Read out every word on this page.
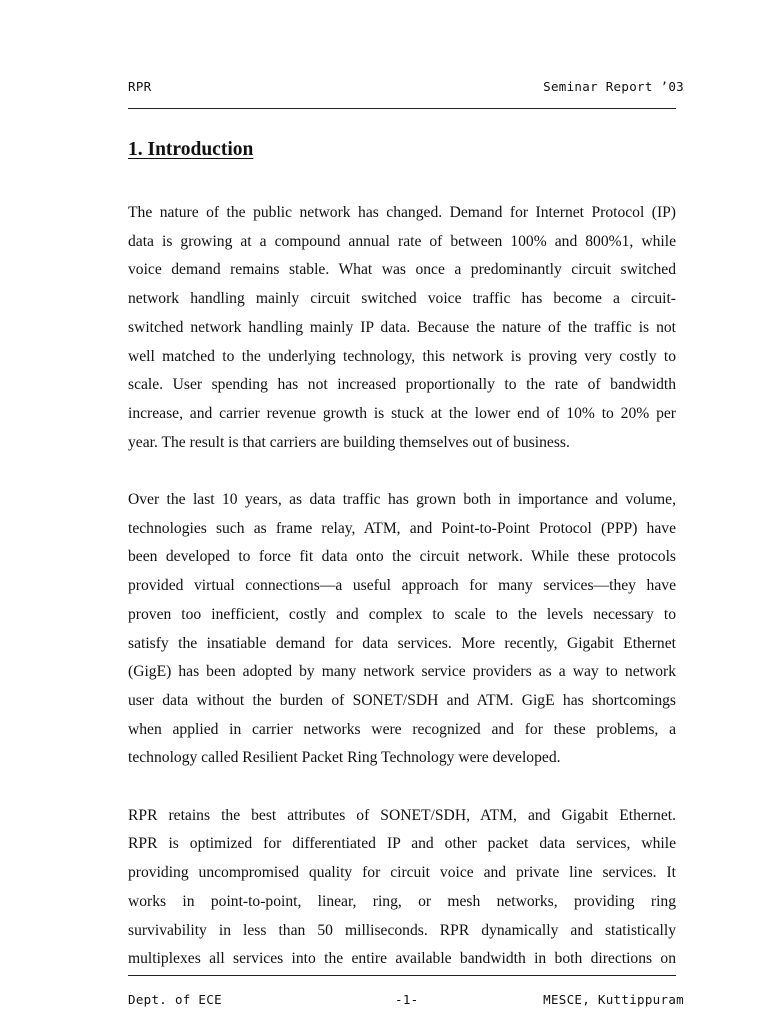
RPR	Seminar Report ’03
1. Introduction

The nature of the public network has changed. Demand for Internet Protocol (IP)
data is growing at a compound annual rate of between 100% and 800%1, while
voice demand remains stable. What was once a predominantly circuit switched
network handling mainly circuit switched voice traffic has become a circuit-
switched network handling mainly IP data. Because the nature of the traffic is not
well matched to the underlying technology, this network is proving very costly to
scale. User spending has not increased proportionally to the rate of bandwidth
increase, and carrier revenue growth is stuck at the lower end of 10% to 20% per
year. The result is that carriers are building themselves out of business.

Over the last 10 years, as data traffic has grown both in importance and volume,
technologies such as frame relay, ATM, and Point-to-Point Protocol (PPP) have
been developed to force fit data onto the circuit network. While these protocols
provided virtual connections—a useful approach for many services—they have
proven too inefficient, costly and complex to scale to the levels necessary to
satisfy the insatiable demand for data services. More recently, Gigabit Ethernet
(GigE) has been adopted by many network service providers as a way to network
user data without the burden of SONET/SDH and ATM. GigE has shortcomings
when applied in carrier networks were recognized and for these problems, a
technology called Resilient Packet Ring Technology were developed.

RPR retains the best attributes of SONET/SDH, ATM, and Gigabit Ethernet.
RPR is optimized for differentiated IP and other packet data services, while
providing uncompromised quality for circuit voice and private line services. It
works in point-to-point, linear, ring, or mesh networks, providing ring
survivability in less than 50 milliseconds. RPR dynamically and statistically
multiplexes all services into the entire available bandwidth in both directions on

Dept. of ECE	-1-	MESCE, Kuttippuram
